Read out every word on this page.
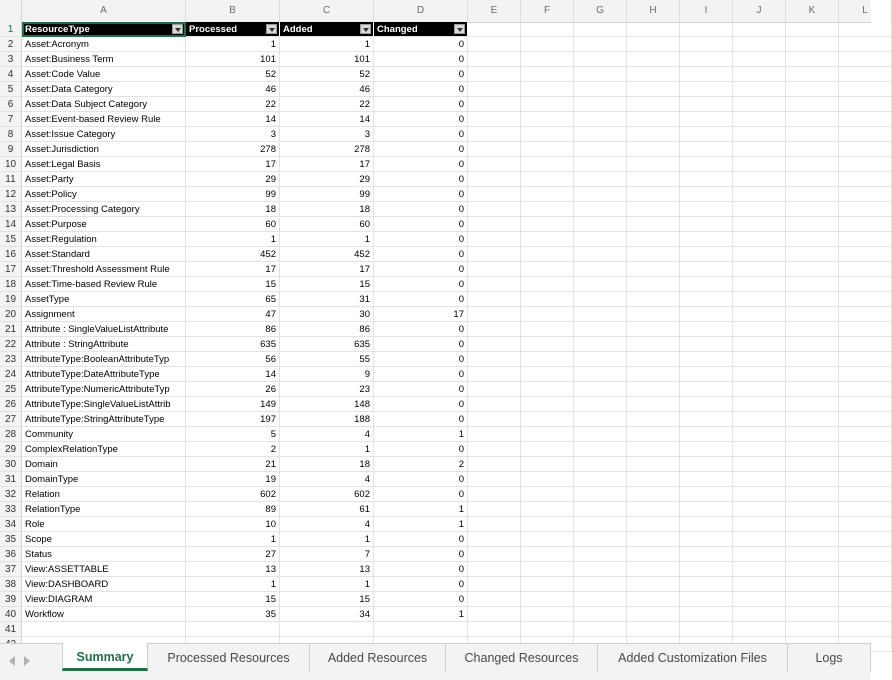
A	B	C	D	E	F	G	H	I	J	K	L
1	ResourceType	Processed	Added	Changed
2	Asset:Acronym	1	1	0
3	Asset:Business Term	101	101	0
4	Asset:Code Value	52	52	0
5	Asset:Data Category	46	46	0
6	Asset:Data Subject Category	22	22	0
7	Asset:Event-based Review Rule	14	14	0
8	Asset:Issue Category	3	3	0
9	Asset:Jurisdiction	278	278	0
10 Asset:Legal Basis	17	17	0
11 Asset:Party	29	29	0
12 Asset:Policy	99	99	0
13 Asset:Processing Category	18	18	0
14 Asset:Purpose	60	60	0
15 Asset:Regulation	1	1	0
16 Asset:Standard	452	452	0
17 Asset:Threshold Assessment Rule	17	17	0
18 Asset:Time-based Review Rule	15	15	0
19 AssetType	65	31	0
20 Assignment	47	30	17
21 Attribute : SingleValueListAttribute	86	86	0
22 Attribute : StringAttribute	635	635	0
23 AttributeType:BooleanAttributeTyp	56	55	0
24 AttributeType:DateAttributeType	14	9	0
25 AttributeType:NumericAttributeTyp	26	23	0
26 AttributeType:SingleValueListAttrib	149	148	0
27 AttributeType:StringAttributeType	197	188	0
28 Community	5	4	1
29 ComplexRelationType	2	1	0
30 Domain	21	18	2
31 DomainType	19	4	0
32 Relation	602	602	0
33 RelationType	89	61	1
34 Role	10	4	1
35 Scope	1	1	0
36 Status	27	7	0
37 View:ASSETTABLE	13	13	0
38 View:DASHBOARD	1	1	0
39 View:DIAGRAM	15	15	0
40 Workflow	35	34	1
41
Summary	Processed Resources	Added Resources	Changed Resources	Added Customization Files	Logs
